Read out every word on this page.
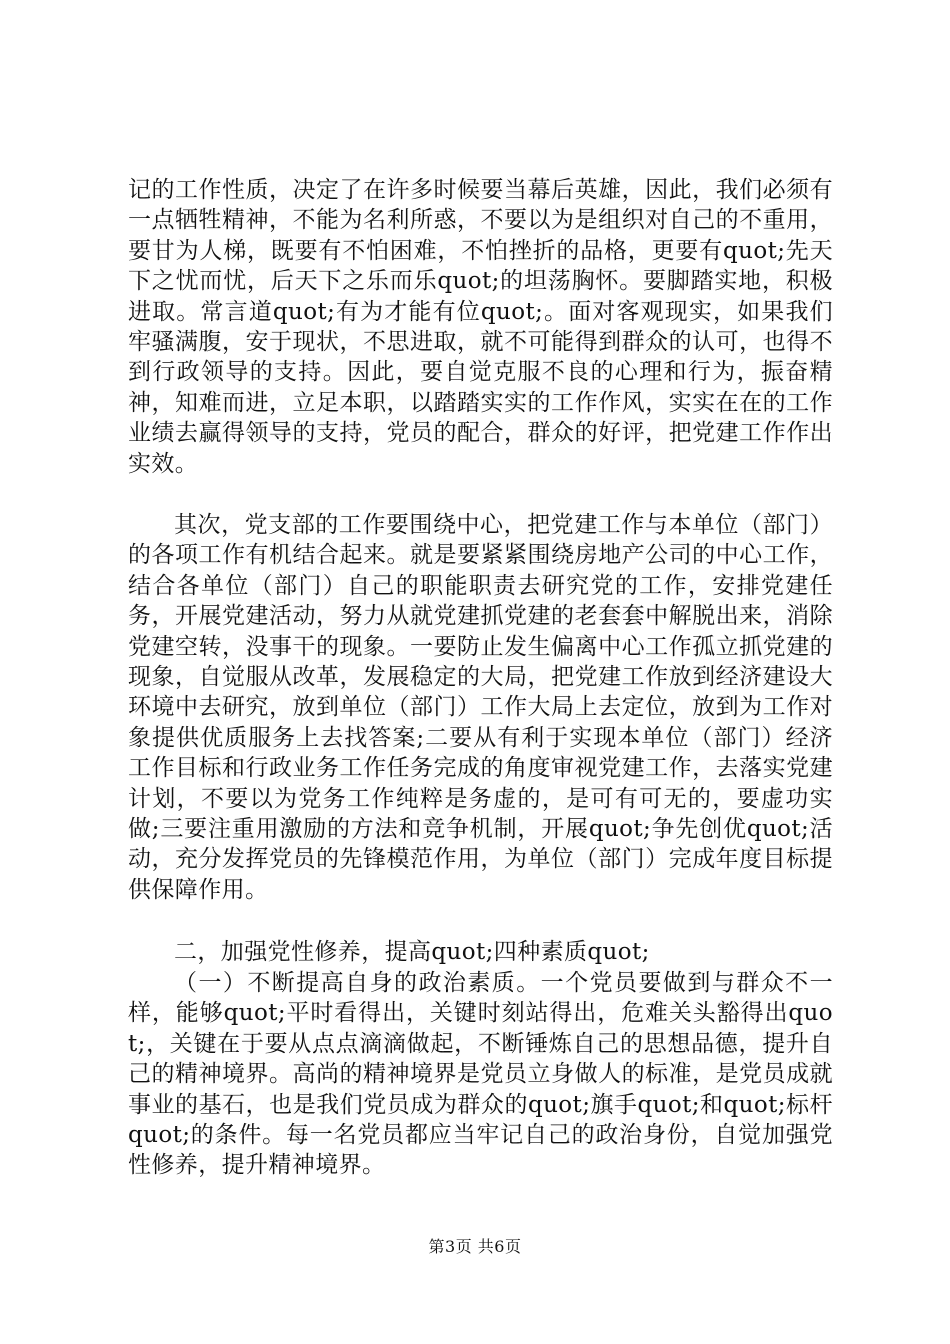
记的工作性质，决定了在许多时候要当幕后英雄，因此，我们必须有一点牺牲精神，不能为名利所惑，不要以为是组织对自己的不重用，要甘为人梯，既要有不怕困难，不怕挫折的品格，更要有quot;先天下之忧而忧，后天下之乐而乐quot;的坦荡胸怀。要脚踏实地，积极进取。常言道quot;有为才能有位quot;。面对客观现实，如果我们牢骚满腹，安于现状，不思进取，就不可能得到群众的认可，也得不到行政领导的支持。因此，要自觉克服不良的心理和行为，振奋精神，知难而进，立足本职，以踏踏实实的工作作风，实实在在的工作业绩去赢得领导的支持，党员的配合，群众的好评，把党建工作作出实效。

其次，党支部的工作要围绕中心，把党建工作与本单位（部门）的各项工作有机结合起来。就是要紧紧围绕房地产公司的中心工作，结合各单位（部门）自己的职能职责去研究党的工作，安排党建任务，开展党建活动，努力从就党建抓党建的老套套中解脱出来，消除党建空转，没事干的现象。一要防止发生偏离中心工作孤立抓党建的现象，自觉服从改革，发展稳定的大局，把党建工作放到经济建设大环境中去研究，放到单位（部门）工作大局上去定位，放到为工作对象提供优质服务上去找答案;二要从有利于实现本单位（部门）经济工作目标和行政业务工作任务完成的角度审视党建工作，去落实党建计划，不要以为党务工作纯粹是务虚的，是可有可无的，要虚功实做;三要注重用激励的方法和竞争机制，开展quot;争先创优quot;活动，充分发挥党员的先锋模范作用，为单位（部门）完成年度目标提供保障作用。

二，加强党性修养，提高quot;四种素质quot;

（一）不断提高自身的政治素质。一个党员要做到与群众不一样，能够quot;平时看得出，关键时刻站得出，危难关头豁得出quot;，关键在于要从点点滴滴做起，不断锤炼自己的思想品德，提升自己的精神境界。高尚的精神境界是党员立身做人的标准，是党员成就事业的基石，也是我们党员成为群众的quot;旗手quot;和quot;标杆quot;的条件。每一名党员都应当牢记自己的政治身份，自觉加强党性修养，提升精神境界。

第3页 共6页
